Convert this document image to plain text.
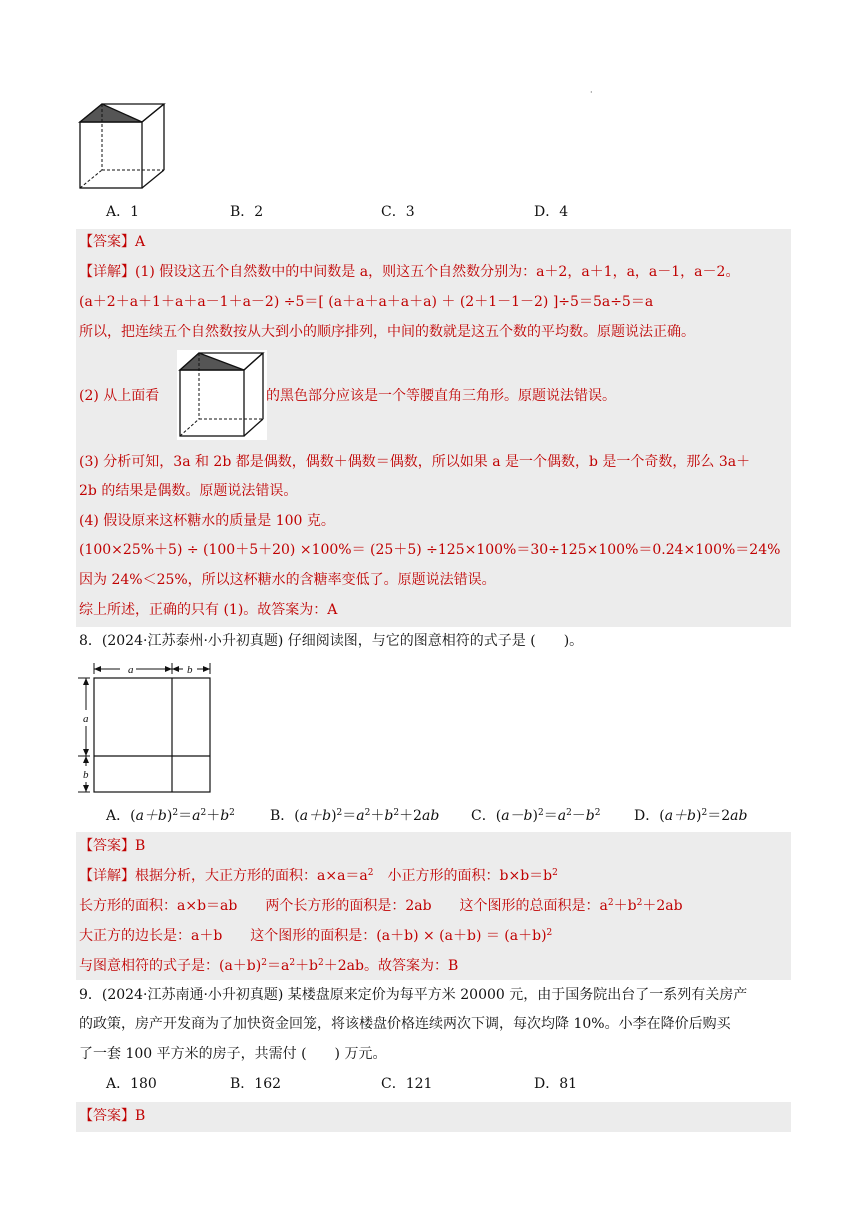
·
A．1	B．2	C．3	D．4
【答案】A
【详解】(1) 假设这五个自然数中的中间数是 a，则这五个自然数分别为：a＋2，a＋1，a，a－1，a－2。
(a＋2＋a＋1＋a＋a－1＋a－2) ÷5＝[ (a＋a＋a＋a＋a) ＋ (2＋1－1－2) ]÷5＝5a÷5＝a
所以，把连续五个自然数按从大到小的顺序排列，中间的数就是这五个数的平均数。原题说法正确。
(2) 从上面看	的黑色部分应该是一个等腰直角三角形。原题说法错误。
(3) 分析可知，3a 和 2b 都是偶数，偶数＋偶数＝偶数，所以如果 a 是一个偶数，b 是一个奇数，那么 3a＋
2b 的结果是偶数。原题说法错误。
(4) 假设原来这杯糖水的质量是 100 克。
(100×25%＋5) ÷ (100＋5＋20) ×100%＝ (25＋5) ÷125×100%＝30÷125×100%＝0.24×100%＝24%
因为 24%＜25%，所以这杯糖水的含糖率变低了。原题说法错误。
综上所述，正确的只有 (1)。故答案为：A
8．(2024·江苏泰州·小升初真题) 仔细阅读图，与它的图意相符的式子是 (　　)。
a	b
a
b
A．$(a+b)^2=a^2+b^2$	B．$(a+b)^2=a^2+b^2+2ab$ C．$(a-b)^2=a^2-b^2$ D．$(a+b)^2=2ab$
【答案】B
【详解】根据分析，大正方形的面积：$a\times a=a^2$　小正方形的面积：$b\times b=b^2$
长方形的面积：a×b＝ab　　两个长方形的面积是：2ab　　这个图形的总面积是：$a^2+b^2+2ab$
大正方的边长是：a＋b　　这个图形的面积是：$(a+b) \times (a+b) = (a+b)^2$
与图意相符的式子是：$(a+b)^2=a^2+b^2+2ab$。故答案为：B
9．(2024·江苏南通·小升初真题) 某楼盘原来定价为每平方米 20000 元，由于国务院出台了一系列有关房产
的政策，房产开发商为了加快资金回笼，将该楼盘价格连续两次下调，每次均降 10%。小李在降价后购买
了一套 100 平方米的房子，共需付 (　　) 万元。
A．180	B．162	C．121	D．81
【答案】B
